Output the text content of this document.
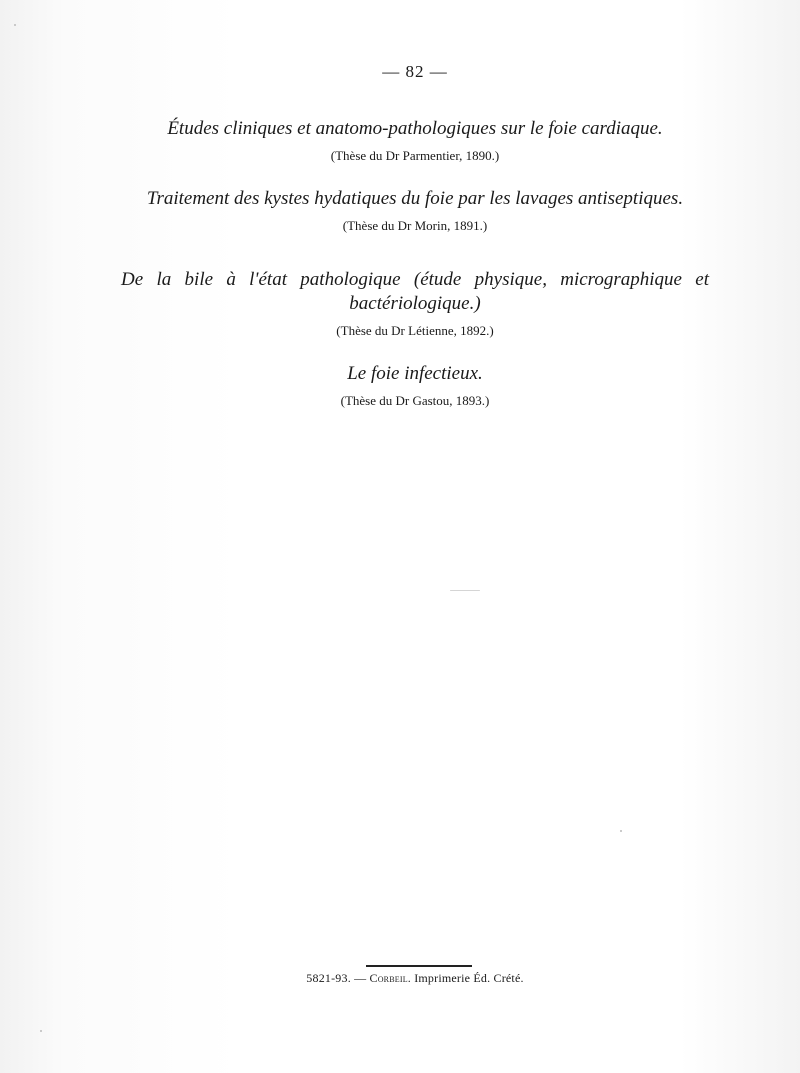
— 82 —
Études cliniques et anatomo-pathologiques sur le foie cardiaque.
(Thèse du Dr Parmentier, 1890.)
Traitement des kystes hydatiques du foie par les lavages antiseptiques.
(Thèse du Dr Morin, 1891.)
De la bile à l'état pathologique (étude physique, micrographique et bactériologique.)
(Thèse du Dr Létienne, 1892.)
Le foie infectieux.
(Thèse du Dr Gastou, 1893.)
5821-93. — Corbeil. Imprimerie Éd. Crété.
